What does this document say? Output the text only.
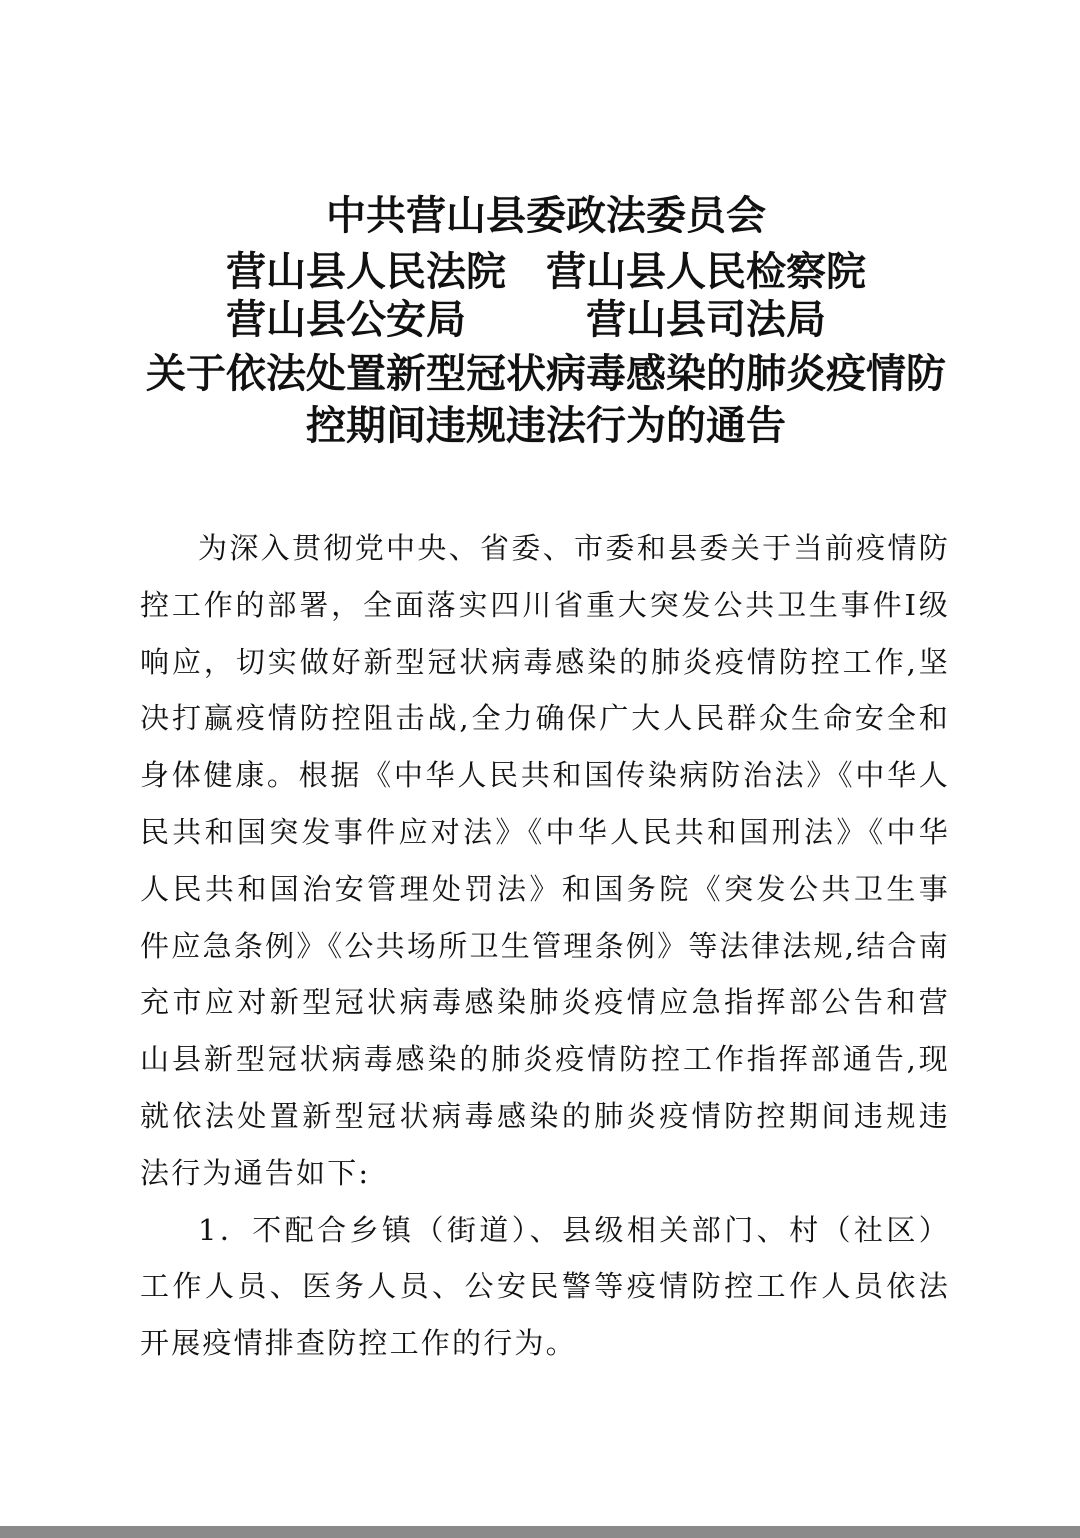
中共营山县委政法委员会
营山县人民法院　营山县人民检察院
营山县公安局　　　营山县司法局
关于依法处置新型冠状病毒感染的肺炎疫情防
控期间违规违法行为的通告

为深入贯彻党中央、省委、市委和县委关于当前疫情防控工作的部署，全面落实四川省重大突发公共卫生事件Ⅰ级响应，切实做好新型冠状病毒感染的肺炎疫情防控工作,坚决打赢疫情防控阻击战,全力确保广大人民群众生命安全和身体健康。根据《中华人民共和国传染病防治法》《中华人民共和国突发事件应对法》《中华人民共和国刑法》《中华人民共和国治安管理处罚法》和国务院《突发公共卫生事件应急条例》《公共场所卫生管理条例》等法律法规,结合南充市应对新型冠状病毒感染肺炎疫情应急指挥部公告和营山县新型冠状病毒感染的肺炎疫情防控工作指挥部通告,现就依法处置新型冠状病毒感染的肺炎疫情防控期间违规违法行为通告如下:

1．不配合乡镇（街道）、县级相关部门、村（社区）工作人员、医务人员、公安民警等疫情防控工作人员依法开展疫情排查防控工作的行为。
